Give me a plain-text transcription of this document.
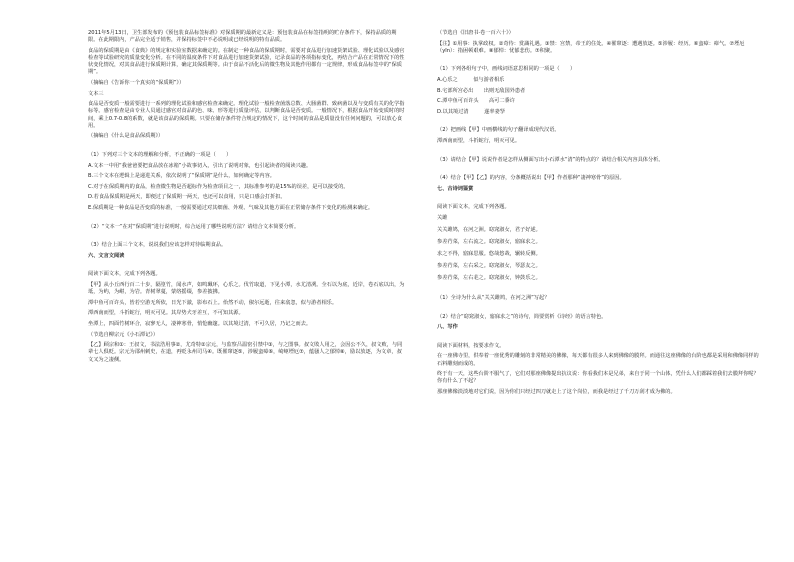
2011年5月13日，卫生部发布的《预包装食品标签标准》对保质期的最新定义是：预包装食品在标签指明的贮存条件下，保持品质的期限。在此期限内，产品完全适于销售，并保持标签中不必说明或已经说明的特有品质。

食品的保质期是由《食典》的规定和实验室数据来确定的。在制定一种食品的保质期时，需要对食品进行加速货架试验、理化试验以及感官检查等试验研究的质量变化分析。在不同的温度条件下对食品进行加速货架试验，记录食品的各项指标变化，再结合产品在正常情况下的性状变化情况，对其食品进行保质期计算，确定其保质期等。由于食品不活化后的微生物及其他作用都有一定规律，形成食品标签中的“保质期”。

（摘编自《告诉你一个真实的“保质期”》）

文本三

食品是否变质一般需要进行一系列的理化试验和感官检查来确定。理化试验一般检查菌落总数、大肠菌群、致病菌以及与变质有关的化学指标等。感官检查是由专业人员通过感官对食品的色、味、形等进行质量评估，以判断食品是否变质。一般情况下，根据食品开始变质时的时间，乘上0.7-0.8的系数，就是该食品的保质期。只要在储存条件符合规定的情况下，这个时间的食品是质量没有任何问题的，可以放心食用。

（摘编自《什么是食品保质期》）

（1）下列对三个文本的理解和分析，不正确的一项是（　　）

A.文本一中用“我爸爸要把食品放在冰箱”小故事切入，引出了说明对象，也引起读者的阅读兴趣。

B.三个文本在逻辑上是递进关系，依次说明了“保质期”是什么，如何确定等内容。

C.对于在保质期内的食品，检查微生物是否超标作为检查项目之一，其标准参考的是15%的误差，是可以接受的。

D.若食品保质期是两天，即便过了保质期一两天，也还可以食用，只是口感会打折扣。

E.保质期是一种食品是否变质的标准，一般需要通过对其细菌、外观、气味及其他方面在正常储存条件下变化的检测来确定。

（2）“文本一”在对“保质期”进行说明时，综合运用了哪些说明方法？请结合文本简要分析。

（3）结合上面三个文本，说说我们应该怎样对待临期食品。

六、文言文阅读

阅读下面文本，完成下列各题。

【甲】从小丘西行百二十步，隔篁竹，闻水声，如鸣珮环，心乐之。伐竹取道，下见小潭，水尤清冽。全石以为底，近岸，卷石底以出，为坻，为屿，为嵁，为岩。青树翠蔓，蒙络摇缀，参差披拂。

潭中鱼可百许头，皆若空游无所依，日光下澈，影布石上。佁然不动，俶尔远逝，往来翕忽，似与游者相乐。

潭西南而望，斗折蛇行，明灭可见。其岸势犬牙差互，不可知其源。

坐潭上，四面竹树环合，寂寥无人，凄神寒骨，悄怆幽邃。以其境过清，不可久居，乃记之而去。

（节选自柳宗元《小石潭记》）

【乙】顾宗和①：王叔文，书法浩用事②，尤奇特②宗元，与监察吕温密引禁中③，与之图事。叔文敗人用之，会因公不久，叔文败，与同辈七人俱贬。宗元为邵州刺史，在道，再贬永州司马④。既罹窜逐⑤，涉履蛮瘴⑥，崎岖堙厄⑦，蕴骚人之郁悼⑧，励以放逐，为文章，叔文又为之凄侧。

（节选自《旧唐书·卷一百六十》）

【注】①用事：执掌政权。②奇待：赏識礼遇。③禁：宫禁，帝王的住处。④罹窜逐：遭遇放逐。⑤涉履：经历。⑥蛮瘴：瘴气。⑦堙厄（yīn）：指困顿艰难。⑧郁悼：忧郁悲伤。⑦积聚。

（1）下列各组句子中，画线词语意思相同的一项是（　　）

A.心乐之　　　似与游者相乐

B.宅部所宫必出　　出则无敌国外患者

C.潭中鱼可百许头　　高可二黍许

D.以其境过清　　　遂率妻孥

（2）把画线【甲】中画横线的句子翻译成现代汉语。

潭西南而望，斗折蛇行，明灭可见。

（3）请结合【甲】说说作者是怎样从侧面写出小石潭水“清”的特点的？请结合相关内容具体分析。

（4）结合【甲】【乙】的内容，分条概括说出【甲】作者那种“凄神寒骨”的原因。

七、古诗词鉴赏

阅读下面文本，完成下列各题。

关雎

关关雎鸠，在河之洲。窈窕淑女，君子好逑。

参差荇菜，左右流之。窈窕淑女，寤寐求之。

求之不得，寤寐思服。悠哉悠哉，辗转反侧。

参差荇菜，左右采之。窈窕淑女，琴瑟友之。

参差荇菜，左右芼之。窈窕淑女，钟鼓乐之。

（1）全诗为什么从“关关雎鸠，在河之洲”写起？

（2）结合“窈窕淑女，寤寐求之”的诗句，简要赏析《诗经》的语言特色。

八、写作

阅读下面材料，按要求作文。

在一座佛寺里，供奉着一座优秀的雕刻的非常精美的佛像，每天都有很多人来到佛像的膜拜。而通往这座佛像的台阶也都是采用和佛像同样的石料雕刻而成的。

终于有一天，这些台阶不服气了，它们对那座佛像提出抗议说：你看我们本是兄弟，来自于同一个山体，凭什么人们都踩着我们去膜拜你呢？你有什么了不起？

那座佛像淡淡地对它们说，因为你们只经过四刀就走上了这个岗位，而我是经过了千刀万刮才成为佛的。
